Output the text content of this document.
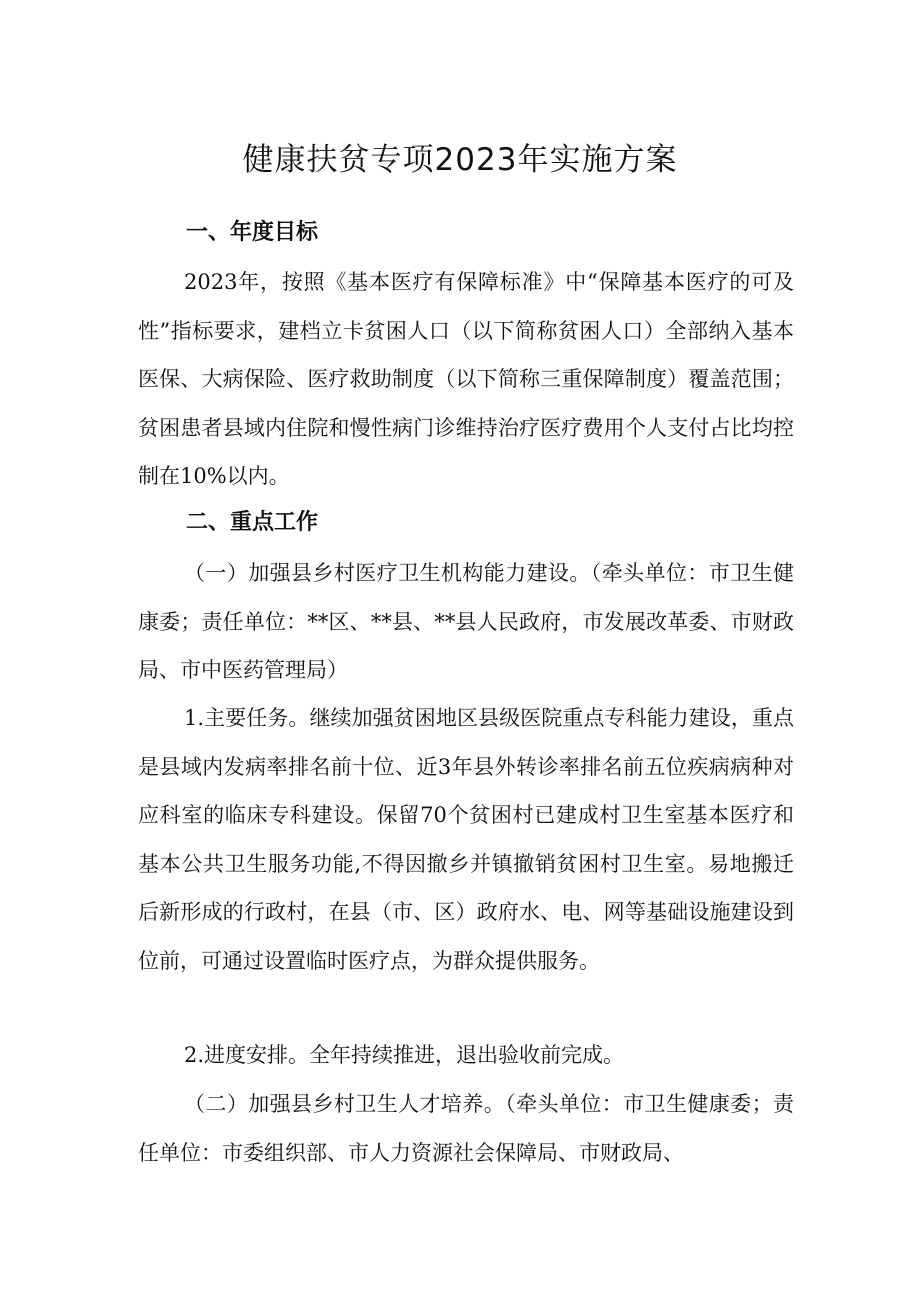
健康扶贫专项2023年实施方案
一、年度目标
2023年，按照《基本医疗有保障标准》中“保障基本医疗的可及性”指标要求，建档立卡贫困人口（以下简称贫困人口）全部纳入基本医保、大病保险、医疗救助制度（以下简称三重保障制度）覆盖范围；贫困患者县域内住院和慢性病门诊维持治疗医疗费用个人支付占比均控制在10%以内。
二、重点工作
（一）加强县乡村医疗卫生机构能力建设。（牵头单位：市卫生健康委；责任单位：**区、**县、**县人民政府，市发展改革委、市财政局、市中医药管理局）
1.主要任务。继续加强贫困地区县级医院重点专科能力建设，重点是县域内发病率排名前十位、近3年县外转诊率排名前五位疾病病种对应科室的临床专科建设。保留70个贫困村已建成村卫生室基本医疗和基本公共卫生服务功能,不得因撤乡并镇撤销贫困村卫生室。易地搬迁后新形成的行政村，在县（市、区）政府水、电、网等基础设施建设到位前，可通过设置临时医疗点，为群众提供服务。
2.进度安排。全年持续推进，退出验收前完成。
（二）加强县乡村卫生人才培养。（牵头单位：市卫生健康委；责任单位：市委组织部、市人力资源社会保障局、市财政局、
